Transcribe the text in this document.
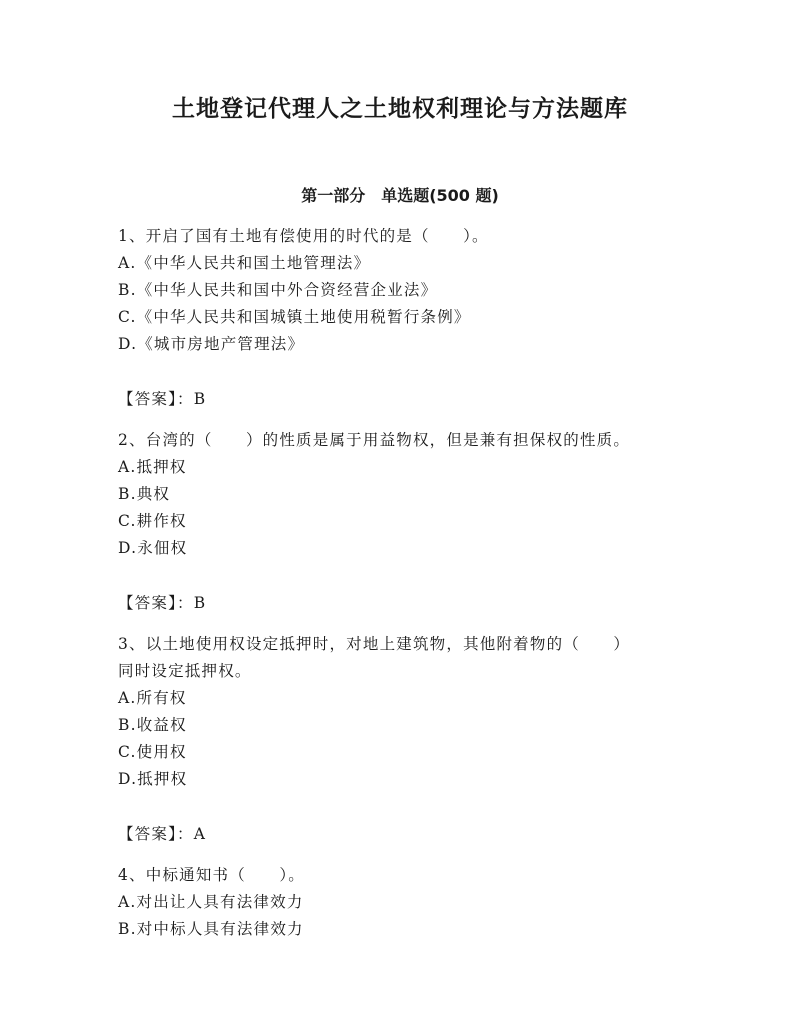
土地登记代理人之土地权利理论与方法题库
第一部分　单选题(500 题)
1、开启了国有土地有偿使用的时代的是（　　）。
A.《中华人民共和国土地管理法》
B.《中华人民共和国中外合资经营企业法》
C.《中华人民共和国城镇土地使用税暂行条例》
D.《城市房地产管理法》
【答案】：B
2、台湾的（　　）的性质是属于用益物权，但是兼有担保权的性质。
A.抵押权
B.典权
C.耕作权
D.永佃权
【答案】：B
3、以土地使用权设定抵押时，对地上建筑物，其他附着物的（　　）
同时设定抵押权。
A.所有权
B.收益权
C.使用权
D.抵押权
【答案】：A
4、中标通知书（　　）。
A.对出让人具有法律效力
B.对中标人具有法律效力
